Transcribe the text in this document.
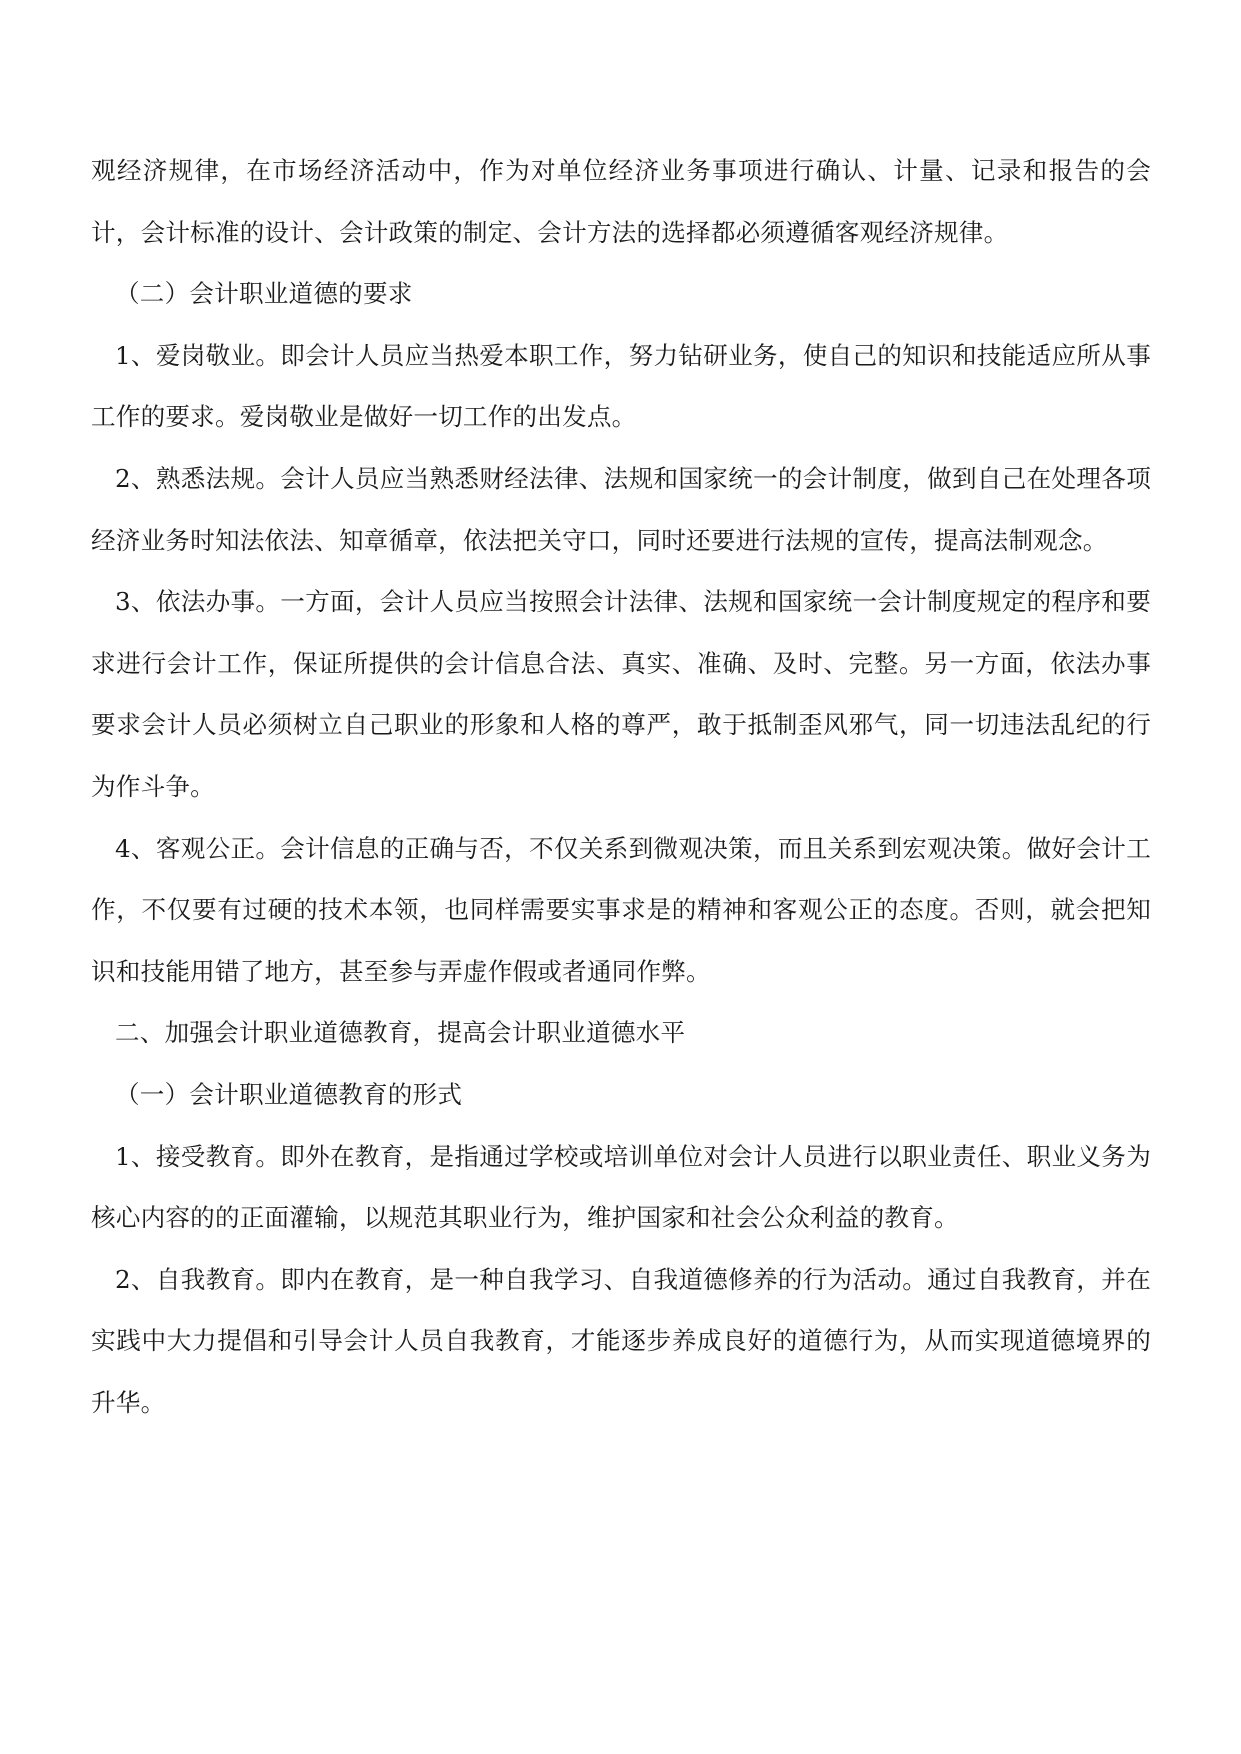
观经济规律，在市场经济活动中，作为对单位经济业务事项进行确认、计量、记录和报告的会计，会计标准的设计、会计政策的制定、会计方法的选择都必须遵循客观经济规律。

（二）会计职业道德的要求

1、爱岗敬业。即会计人员应当热爱本职工作，努力钻研业务，使自己的知识和技能适应所从事工作的要求。爱岗敬业是做好一切工作的出发点。

2、熟悉法规。会计人员应当熟悉财经法律、法规和国家统一的会计制度，做到自己在处理各项经济业务时知法依法、知章循章，依法把关守口，同时还要进行法规的宣传，提高法制观念。

3、依法办事。一方面，会计人员应当按照会计法律、法规和国家统一会计制度规定的程序和要求进行会计工作，保证所提供的会计信息合法、真实、准确、及时、完整。另一方面，依法办事要求会计人员必须树立自己职业的形象和人格的尊严，敢于抵制歪风邪气，同一切违法乱纪的行为作斗争。

4、客观公正。会计信息的正确与否，不仅关系到微观决策，而且关系到宏观决策。做好会计工作，不仅要有过硬的技术本领，也同样需要实事求是的精神和客观公正的态度。否则，就会把知识和技能用错了地方，甚至参与弄虚作假或者通同作弊。

二、加强会计职业道德教育，提高会计职业道德水平

（一）会计职业道德教育的形式

1、接受教育。即外在教育，是指通过学校或培训单位对会计人员进行以职业责任、职业义务为核心内容的的正面灌输，以规范其职业行为，维护国家和社会公众利益的教育。

2、自我教育。即内在教育，是一种自我学习、自我道德修养的行为活动。通过自我教育，并在实践中大力提倡和引导会计人员自我教育，才能逐步养成良好的道德行为，从而实现道德境界的升华。
